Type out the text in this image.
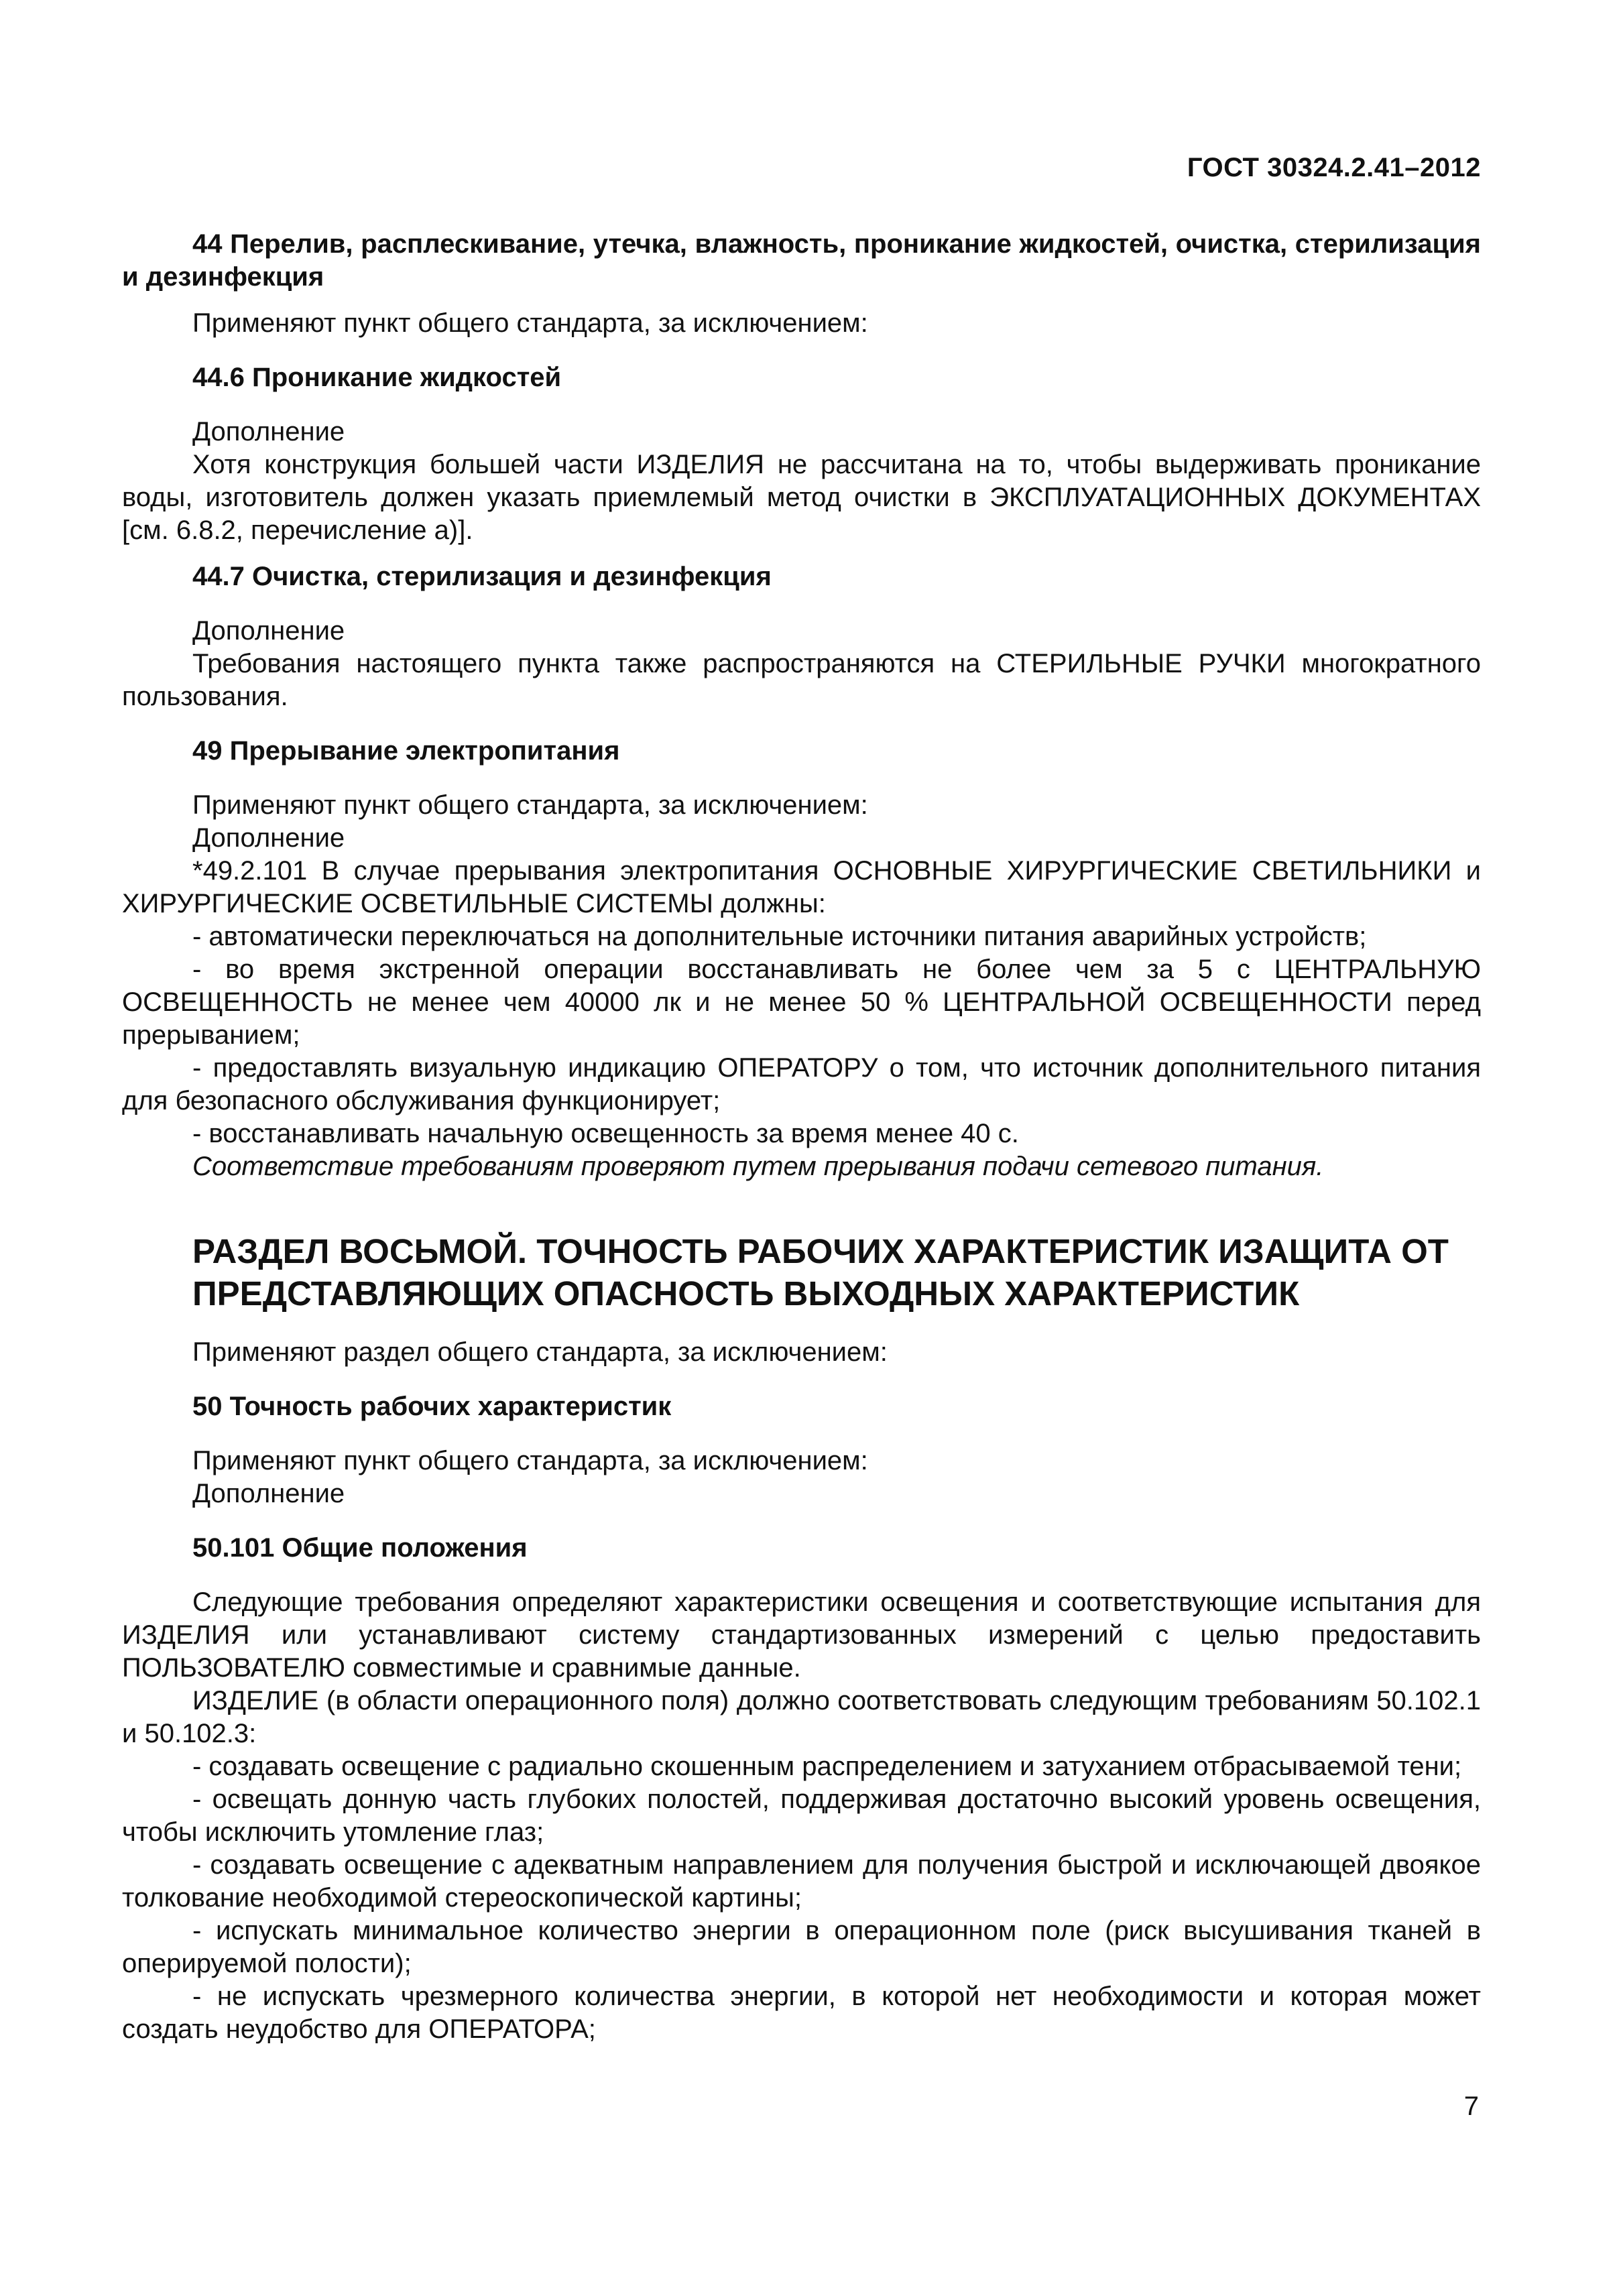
ГОСТ 30324.2.41–2012

44 Перелив, расплескивание, утечка, влажность, проникание жидкостей, очистка, стерилизация и дезинфекция

Применяют пункт общего стандарта, за исключением:

44.6 Проникание жидкостей

Дополнение

Хотя конструкция большей части ИЗДЕЛИЯ не рассчитана на то, чтобы выдерживать проникание воды, изготовитель должен указать приемлемый метод очистки в ЭКСПЛУАТАЦИОННЫХ ДОКУМЕНТАХ [см. 6.8.2, перечисление а)].

44.7 Очистка, стерилизация и дезинфекция

Дополнение

Требования настоящего пункта также распространяются на СТЕРИЛЬНЫЕ РУЧКИ многократного пользования.

49 Прерывание электропитания

Применяют пункт общего стандарта, за исключением:

Дополнение

*49.2.101 В случае прерывания электропитания ОСНОВНЫЕ ХИРУРГИЧЕСКИЕ СВЕТИЛЬНИКИ и ХИРУРГИЧЕСКИЕ ОСВЕТИЛЬНЫЕ СИСТЕМЫ должны:

- автоматически переключаться на дополнительные источники питания аварийных устройств;

- во время экстренной операции восстанавливать не более чем за 5 с ЦЕНТРАЛЬНУЮ ОСВЕЩЕННОСТЬ не менее чем 40000 лк и не менее 50 % ЦЕНТРАЛЬНОЙ ОСВЕЩЕННОСТИ перед прерыванием;

- предоставлять визуальную индикацию ОПЕРАТОРУ о том, что источник дополнительного питания для безопасного обслуживания функционирует;

- восстанавливать начальную освещенность за время менее 40 с.

Соответствие требованиям проверяют путем прерывания подачи сетевого питания.

РАЗДЕЛ ВОСЬМОЙ. ТОЧНОСТЬ РАБОЧИХ ХАРАКТЕРИСТИК ИЗАЩИТА ОТ
ПРЕДСТАВЛЯЮЩИХ ОПАСНОСТЬ ВЫХОДНЫХ ХАРАКТЕРИСТИК

Применяют раздел общего стандарта, за исключением:

50 Точность рабочих характеристик

Применяют пункт общего стандарта, за исключением:

Дополнение

50.101 Общие положения

Следующие требования определяют характеристики освещения и соответствующие испытания для ИЗДЕЛИЯ или устанавливают систему стандартизованных измерений с целью предоставить ПОЛЬЗОВАТЕЛЮ совместимые и сравнимые данные.

ИЗДЕЛИЕ (в области операционного поля) должно соответствовать следующим требованиям 50.102.1 и 50.102.3:

- создавать освещение с радиально скошенным распределением и затуханием отбрасываемой тени;

- освещать донную часть глубоких полостей, поддерживая достаточно высокий уровень освещения, чтобы исключить утомление глаз;

- создавать освещение с адекватным направлением для получения быстрой и исключающей двоякое толкование необходимой стереоскопической картины;

- испускать минимальное количество энергии в операционном поле (риск высушивания тканей в оперируемой полости);

- не испускать чрезмерного количества энергии, в которой нет необходимости и которая может создать неудобство для ОПЕРАТОРА;

7
